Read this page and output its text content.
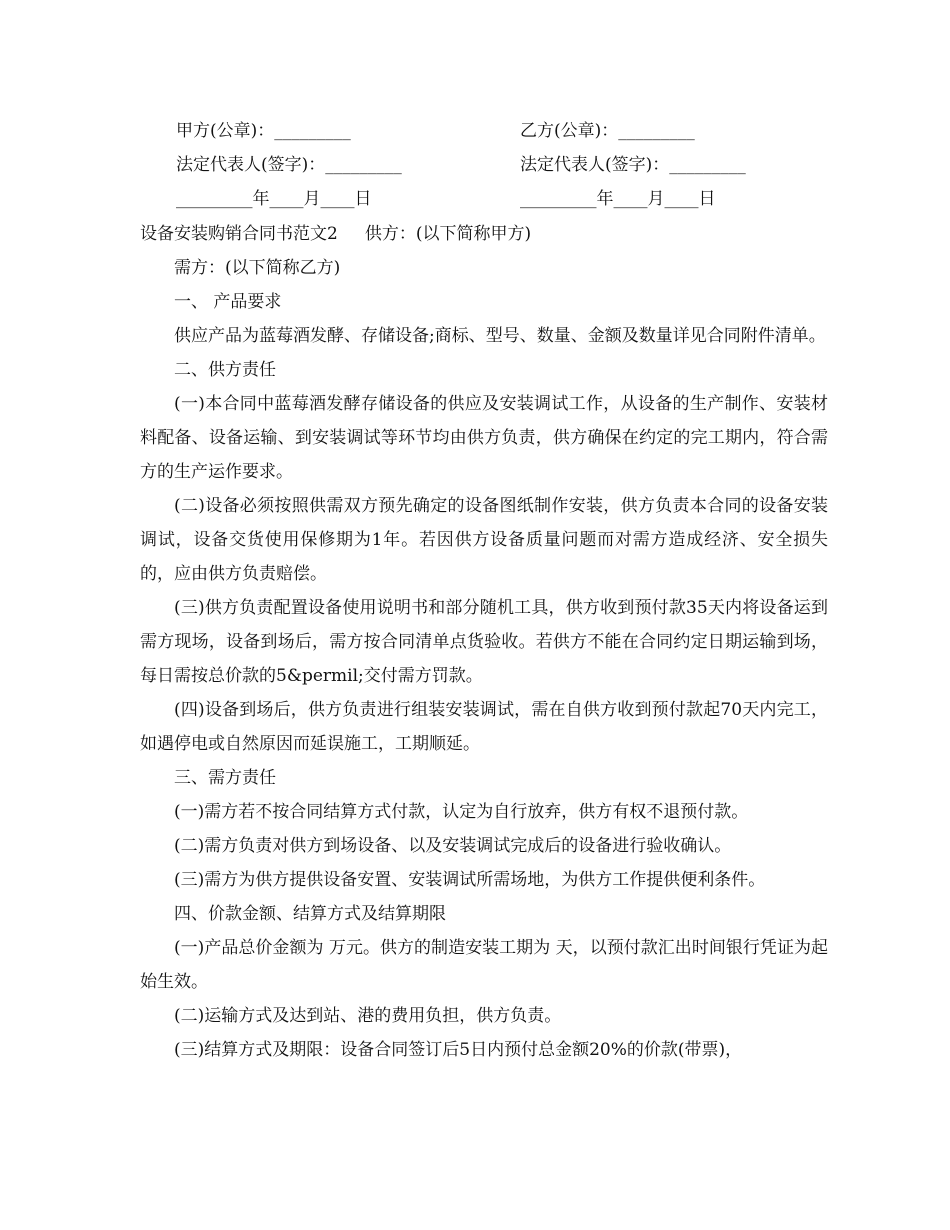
甲方(公章)：_________	乙方(公章)：_________
法定代表人(签字)：_________	法定代表人(签字)：_________
_________年____月____日	_________年____月____日

设备安装购销合同书范文2     供方：(以下简称甲方)

需方：(以下简称乙方)

一、 产品要求

供应产品为蓝莓酒发酵、存储设备;商标、型号、数量、金额及数量详见合同附件清单。

二、供方责任

(一)本合同中蓝莓酒发酵存储设备的供应及安装调试工作，从设备的生产制作、安装材料配备、设备运输、到安装调试等环节均由供方负责，供方确保在约定的完工期内，符合需方的生产运作要求。

(二)设备必须按照供需双方预先确定的设备图纸制作安装，供方负责本合同的设备安装调试，设备交货使用保修期为1年。若因供方设备质量问题而对需方造成经济、安全损失的，应由供方负责赔偿。

(三)供方负责配置设备使用说明书和部分随机工具，供方收到预付款35天内将设备运到需方现场，设备到场后，需方按合同清单点货验收。若供方不能在合同约定日期运输到场，每日需按总价款的5&permil;交付需方罚款。

(四)设备到场后，供方负责进行组装安装调试，需在自供方收到预付款起70天内完工，如遇停电或自然原因而延误施工，工期顺延。

三、需方责任

(一)需方若不按合同结算方式付款，认定为自行放弃，供方有权不退预付款。

(二)需方负责对供方到场设备、以及安装调试完成后的设备进行验收确认。

(三)需方为供方提供设备安置、安装调试所需场地，为供方工作提供便利条件。

四、价款金额、结算方式及结算期限

(一)产品总价金额为 万元。供方的制造安装工期为 天，以预付款汇出时间银行凭证为起始生效。

(二)运输方式及达到站、港的费用负担，供方负责。

(三)结算方式及期限：设备合同签订后5日内预付总金额20%的价款(带票)，
